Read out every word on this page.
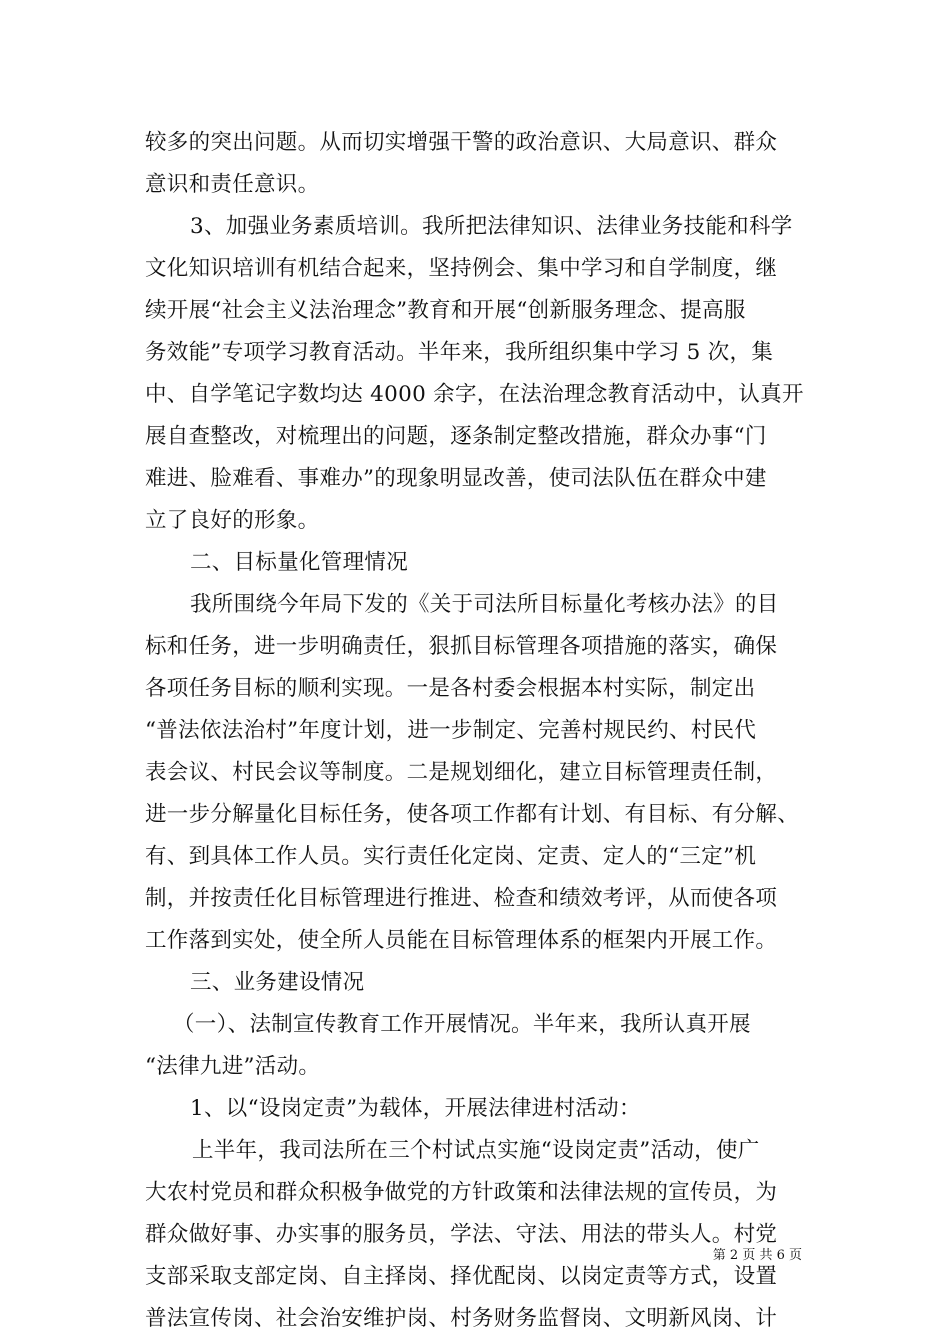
较多的突出问题。从而切实增强干警的政治意识、大局意识、群众
意识和责任意识。
3、加强业务素质培训。我所把法律知识、法律业务技能和科学
文化知识培训有机结合起来，坚持例会、集中学习和自学制度，继
续开展“社会主义法治理念”教育和开展“创新服务理念、提高服
务效能”专项学习教育活动。半年来，我所组织集中学习 5 次，集
中、自学笔记字数均达 4000 余字，在法治理念教育活动中，认真开
展自查整改，对梳理出的问题，逐条制定整改措施，群众办事“门
难进、脸难看、事难办”的现象明显改善，使司法队伍在群众中建
立了良好的形象。
二、目标量化管理情况
我所围绕今年局下发的《关于司法所目标量化考核办法》的目
标和任务，进一步明确责任，狠抓目标管理各项措施的落实，确保
各项任务目标的顺利实现。一是各村委会根据本村实际，制定出
“普法依法治村”年度计划，进一步制定、完善村规民约、村民代
表会议、村民会议等制度。二是规划细化，建立目标管理责任制，
进一步分解量化目标任务，使各项工作都有计划、有目标、有分解、
有、到具体工作人员。实行责任化定岗、定责、定人的“三定”机
制，并按责任化目标管理进行推进、检查和绩效考评，从而使各项
工作落到实处，使全所人员能在目标管理体系的框架内开展工作。
三、业务建设情况
（一）、法制宣传教育工作开展情况。半年来，我所认真开展
“法律九进”活动。
1、以“设岗定责”为载体，开展法律进村活动：
上半年，我司法所在三个村试点实施“设岗定责”活动，使广
大农村党员和群众积极争做党的方针政策和法律法规的宣传员，为
群众做好事、办实事的服务员，学法、守法、用法的带头人。村党
支部采取支部定岗、自主择岗、择优配岗、以岗定责等方式，设置
普法宣传岗、社会治安维护岗、村务财务监督岗、文明新风岗、计
第 2 页 共 6 页
